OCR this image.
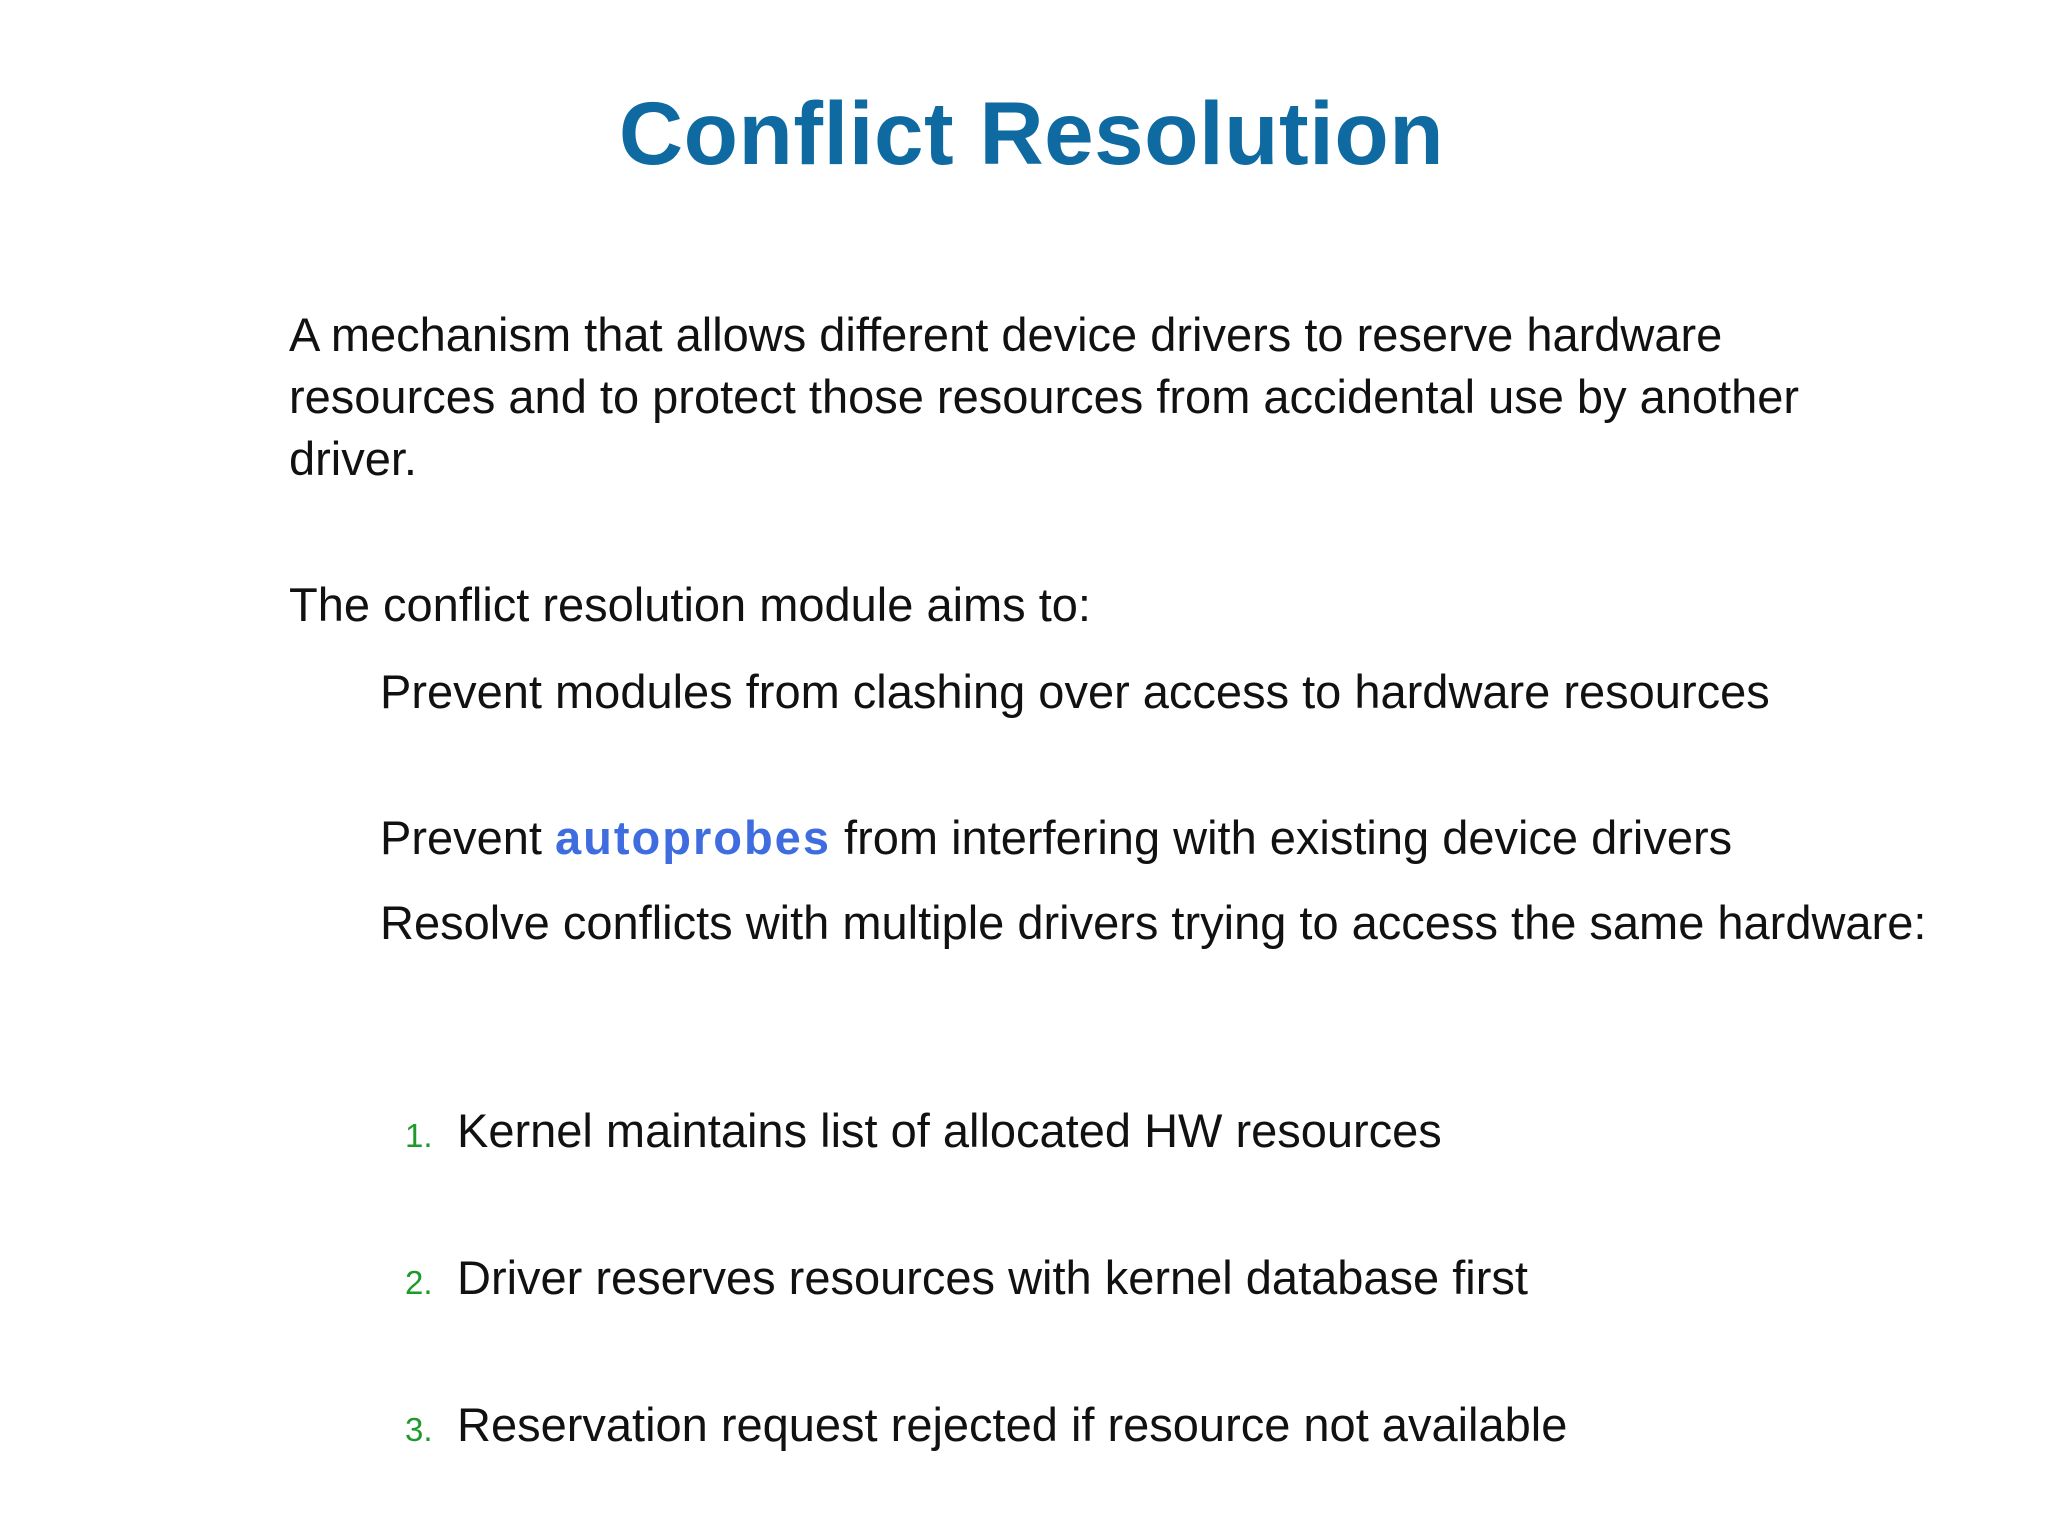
Conflict Resolution
A mechanism that allows different device drivers to reserve hardware resources and to protect those resources from accidental use by another driver.
The conflict resolution module aims to:
Prevent modules from clashing over access to hardware resources
Prevent autoprobes from interfering with existing device drivers
Resolve conflicts with multiple drivers trying to access the same hardware:
1. Kernel maintains list of allocated HW resources
2. Driver reserves resources with kernel database first
3. Reservation request rejected if resource not available
